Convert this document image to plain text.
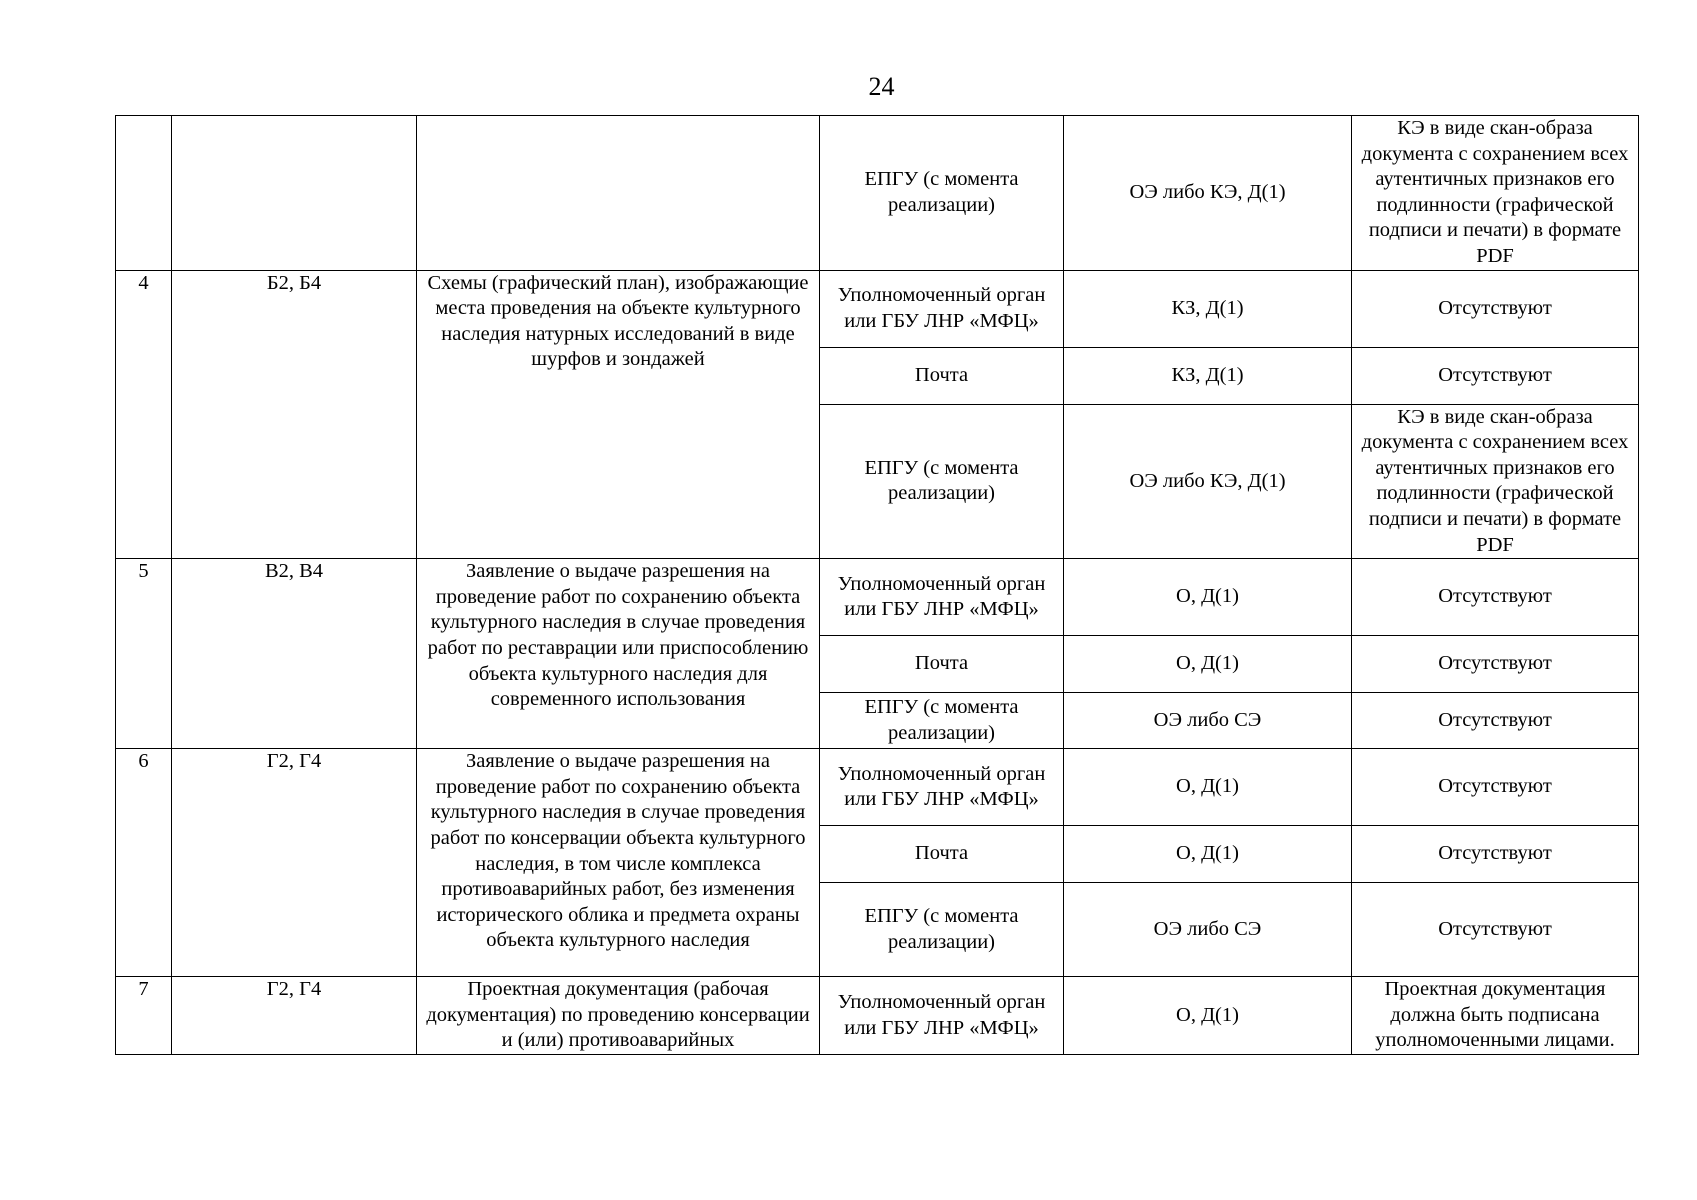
24
			ЕПГУ (с момента реализации)	ОЭ либо КЭ, Д(1)	КЭ в виде скан-образа документа с сохранением всех аутентичных признаков его подлинности (графической подписи и печати) в формате PDF
4	Б2, Б4	Схемы (графический план), изображающие места проведения на объекте культурного наследия натурных исследований в виде шурфов и зондажей	Уполномоченный орган или ГБУ ЛНР «МФЦ»	КЗ, Д(1)	Отсутствуют
			Почта	КЗ, Д(1)	Отсутствуют
			ЕПГУ (с момента реализации)	ОЭ либо КЭ, Д(1)	КЭ в виде скан-образа документа с сохранением всех аутентичных признаков его подлинности (графической подписи и печати) в формате PDF
5	В2, В4	Заявление о выдаче разрешения на проведение работ по сохранению объекта культурного наследия в случае проведения работ по реставрации или приспособлению объекта культурного наследия для современного использования	Уполномоченный орган или ГБУ ЛНР «МФЦ»	О, Д(1)	Отсутствуют
			Почта	О, Д(1)	Отсутствуют
			ЕПГУ (с момента реализации)	ОЭ либо СЭ	Отсутствуют
6	Г2, Г4	Заявление о выдаче разрешения на проведение работ по сохранению объекта культурного наследия в случае проведения работ по консервации объекта культурного наследия, в том числе комплекса противоаварийных работ, без изменения исторического облика и предмета охраны объекта культурного наследия	Уполномоченный орган или ГБУ ЛНР «МФЦ»	О, Д(1)	Отсутствуют
			Почта	О, Д(1)	Отсутствуют
			ЕПГУ (с момента реализации)	ОЭ либо СЭ	Отсутствуют
7	Г2, Г4	Проектная документация (рабочая документация) по проведению консервации и (или) противоаварийных	Уполномоченный орган или ГБУ ЛНР «МФЦ»	О, Д(1)	Проектная документация должна быть подписана уполномоченными лицами.
